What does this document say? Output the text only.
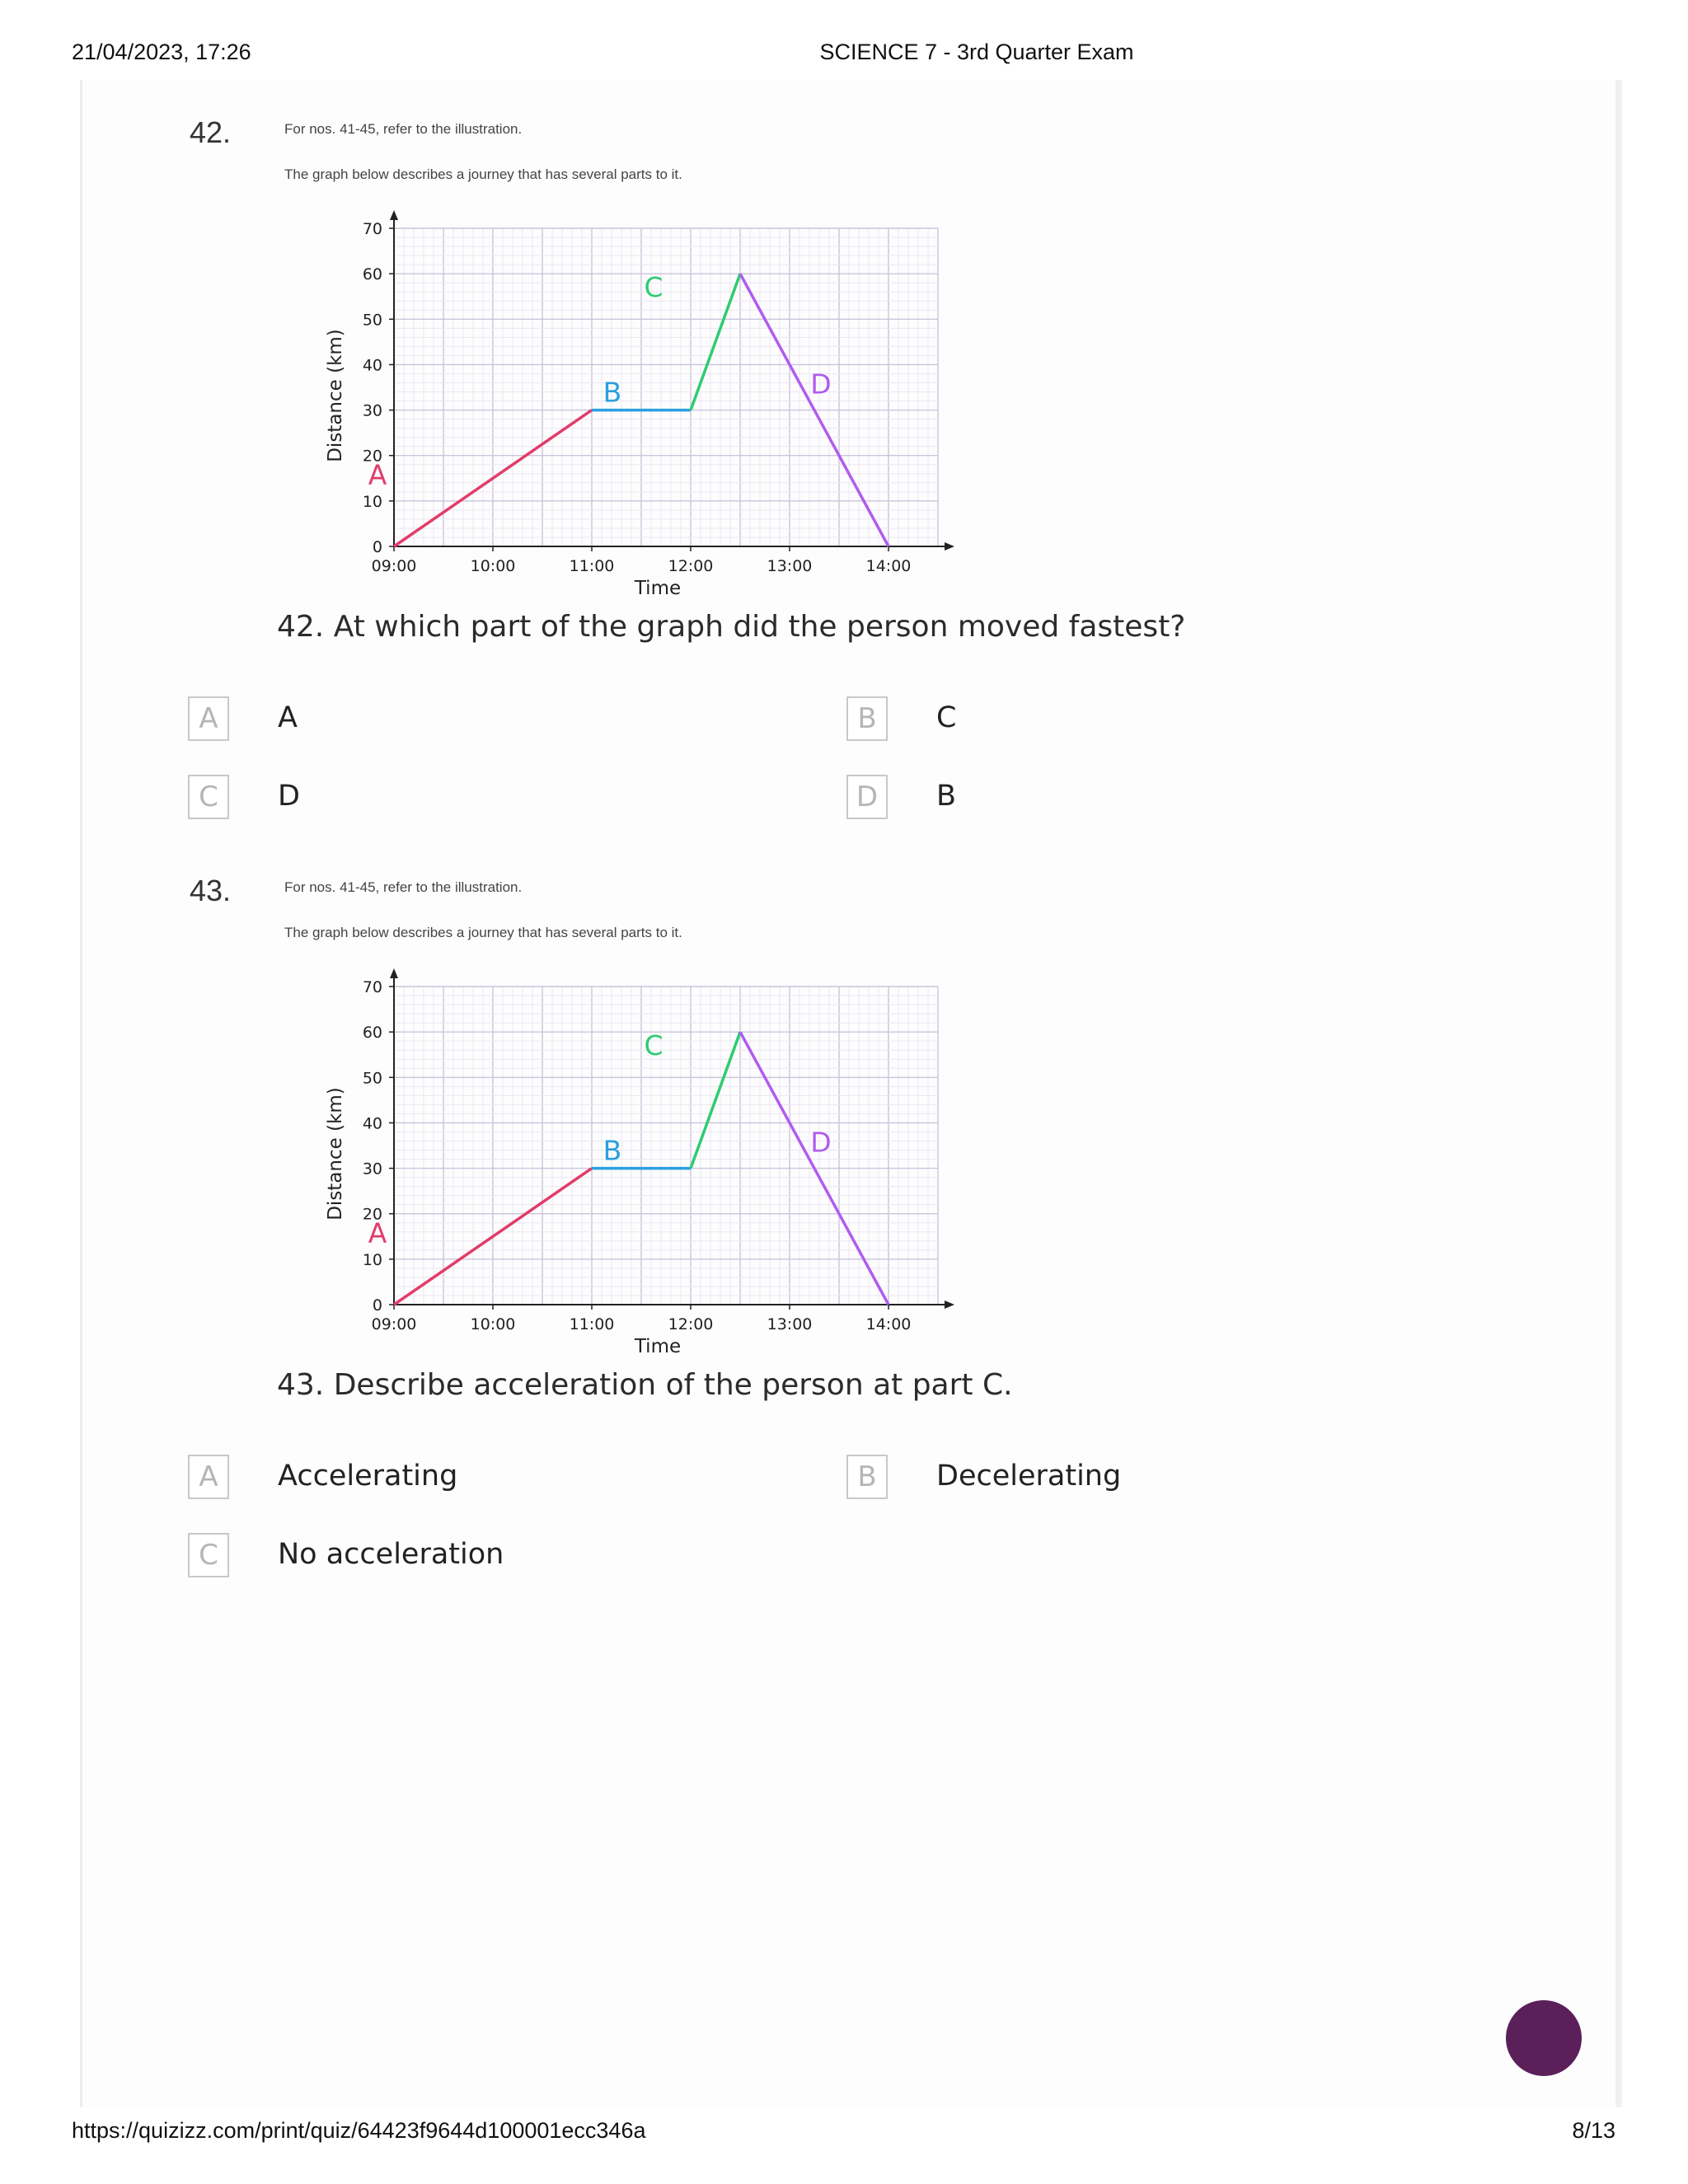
21/04/2023, 17:26	SCIENCE 7 - 3rd Quarter Exam
42.	For nos. 41-45, refer to the illustration.
The graph below describes a journey that has several parts to it.
0
10
20
30
40
50
60
70
09:00	10:00	11:00	12:00	13:00	14:00
Time
Distance (km)
A
B
C
D
42. At which part of the graph did the person moved fastest?
A	A	B	C
C	D	D	B
43.	For nos. 41-45, refer to the illustration.
The graph below describes a journey that has several parts to it.
0
10
20
30
40
50
60
70
09:00	10:00	11:00	12:00	13:00	14:00
Time
Distance (km)
A
B
C
D
43. Describe acceleration of the person at part C.
A	Accelerating	B	Decelerating
C	No acceleration
https://quizizz.com/print/quiz/64423f9644d100001ecc346a	8/13
